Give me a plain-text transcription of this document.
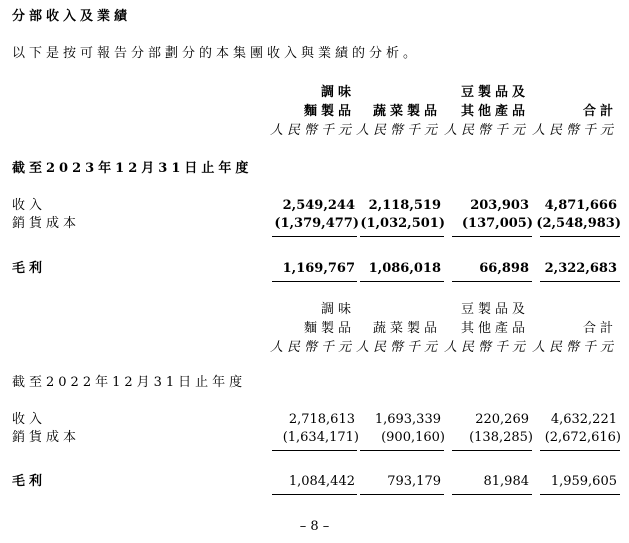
分部收入及業績
以下是按可報告分部劃分的本集團收入與業績的分析。
調味
麵製品 蔬菜製品
豆製品及
其他產品	合計
人民幣千元 人民幣千元 人民幣千元 人民幣千元
截至2023年12月31日止年度
收入	2,549,244 2,118,519 203,903 4,871,666
銷貨成本	(1,379,477) (1,032,501) (137,005) (2,548,983)
毛利	1,169,767 1,086,018	66,898 2,322,683
調味
麵製品 蔬菜製品
豆製品及
其他產品	合計
人民幣千元 人民幣千元 人民幣千元 人民幣千元
截至2022年12月31日止年度
收入	2,718,613 1,693,339	220,269 4,632,221
銷貨成本	(1,634,171) (900,160) (138,285) (2,672,616)
毛利	1,084,442 793,179	81,984 1,959,605
– 8 –
